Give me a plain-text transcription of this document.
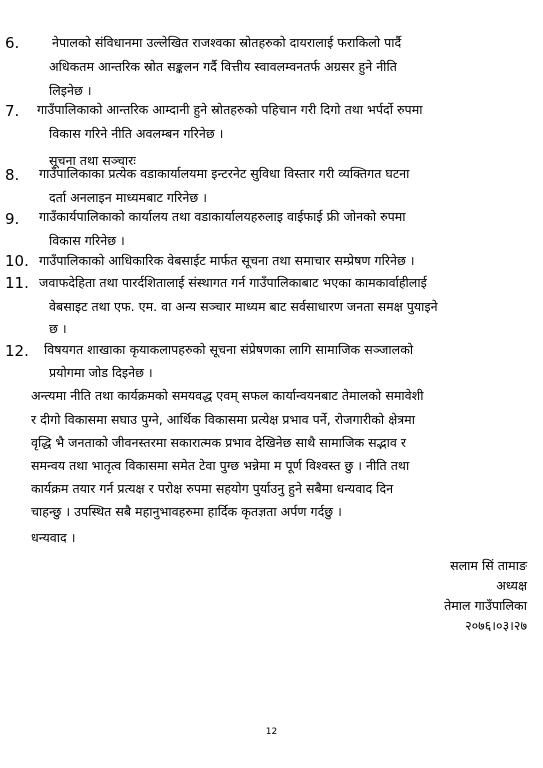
6.	नेपालको संविधानमा उल्लेखित राजश्वका स्रोतहरुको दायरालाई फराकिलो पार्दै
अधिकतम आन्तरिक स्रोत सङ्कलन गर्दै वित्तीय स्वावलम्वनतर्फ अग्रसर हुने नीति
लिइनेछ ।
7. गाउँपालिकाको आन्तरिक आम्दानी हुने स्रोतहरुको पहिचान गरी दिगो तथा भर्पर्दो रुपमा
विकास गरिने नीति अवलम्बन गरिनेछ ।
सूचना तथा सञ्चारः
8. गाउँपालिकाका प्रत्येक वडाकार्यालयमा इन्टरनेट सुविधा विस्तार गरी व्यक्तिगत घटना
दर्ता अनलाइन माध्यमबाट गरिनेछ ।
9. गाउँकार्यपालिकाको कार्यालय तथा वडाकार्यालयहरुलाइ वाईफाई फ्री जोनको रुपमा
विकास गरिनेछ ।
10. गाउँपालिकाको आधिकारिक वेबसाईट मार्फत सूचना तथा समाचार सम्प्रेषण गरिनेछ ।
11. जवाफदेहिता तथा पारर्दशितालाई संस्थागत गर्न गाउँपालिकाबाट भएका कामकार्वाहीलाई
वेबसाइट तथा एफ. एम. वा अन्य सञ्चार माध्यम बाट सर्वसाधारण जनता समक्ष पुयाइने
छ ।
12. विषयगत शाखाका कृयाकलापहरुको सूचना संप्रेषणका लागि सामाजिक सञ्जालको
प्रयोगमा जोड दिइनेछ ।
अन्त्यमा नीति तथा कार्यक्रमको समयवद्ध एवम् सफल कार्यान्वयनबाट तेमालको समावेशी
र दीगो विकासमा सघाउ पुग्ने, आर्थिक विकासमा प्रत्येक्ष प्रभाव पर्ने, रोजगारीको क्षेत्रमा
वृद्धि भै जनताको जीवनस्तरमा सकारात्मक प्रभाव देखिनेछ साथै सामाजिक सद्भाव र
समन्वय तथा भातृत्व विकासमा समेत टेवा पुग्छ भन्नेमा म पूर्ण विश्वस्त छु । नीति तथा
कार्यक्रम तयार गर्न प्रत्यक्ष र परोक्ष रुपमा सहयोग पुर्याउनु हुने सबैमा धन्यवाद दिन
चाहन्छु । उपस्थित सबै महानुभावहरुमा हार्दिक कृतज्ञता अर्पण गर्दछु ।
धन्यवाद ।
सलाम सिं तामाङ
अध्यक्ष
तेमाल गाउँपालिका
२०७६।०३।२७
12
